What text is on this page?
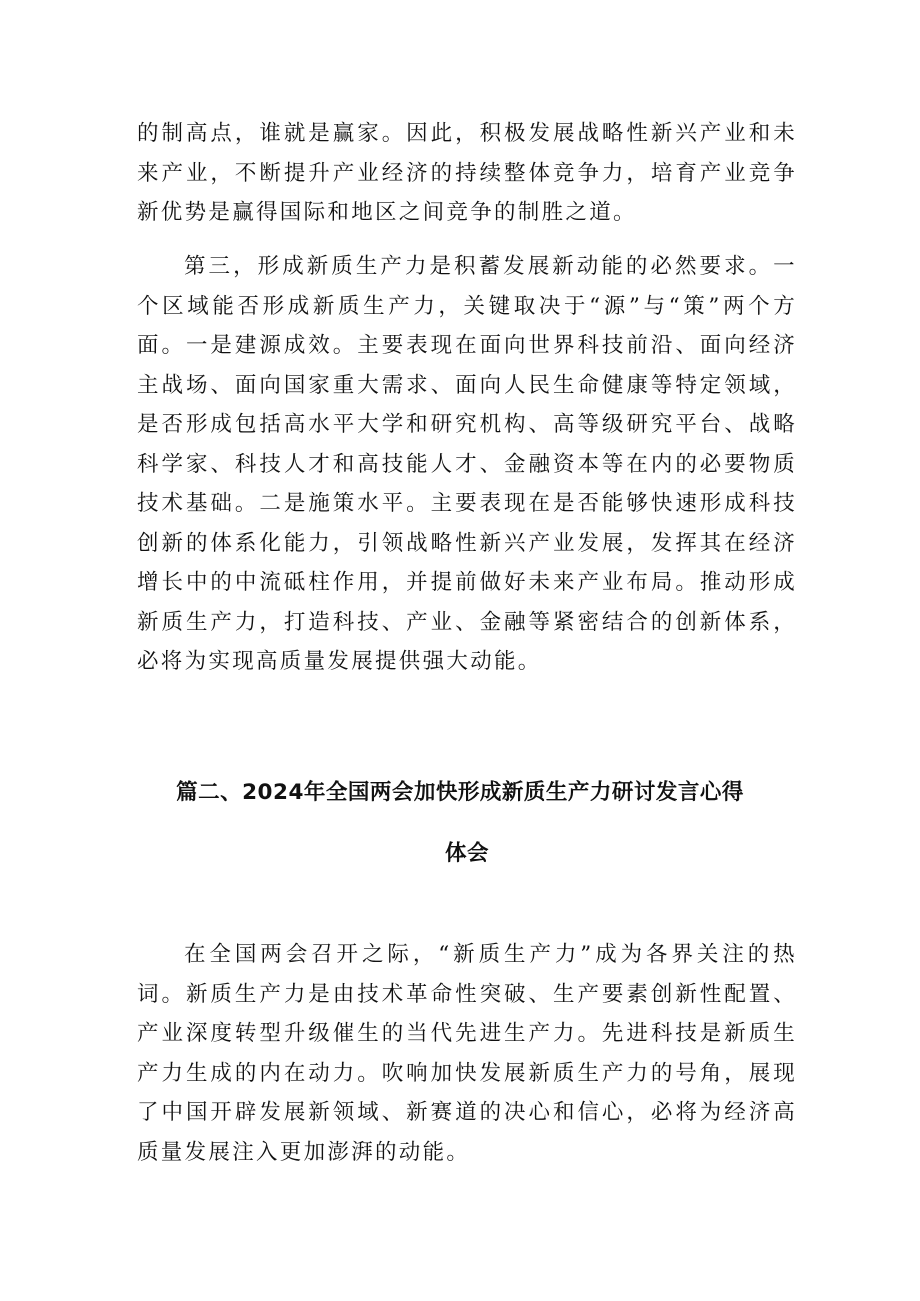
的制高点，谁就是赢家。因此，积极发展战略性新兴产业和未来产业，不断提升产业经济的持续整体竞争力，培育产业竞争新优势是赢得国际和地区之间竞争的制胜之道。

第三，形成新质生产力是积蓄发展新动能的必然要求。一个区域能否形成新质生产力，关键取决于“源”与“策”两个方面。一是建源成效。主要表现在面向世界科技前沿、面向经济主战场、面向国家重大需求、面向人民生命健康等特定领域，是否形成包括高水平大学和研究机构、高等级研究平台、战略科学家、科技人才和高技能人才、金融资本等在内的必要物质技术基础。二是施策水平。主要表现在是否能够快速形成科技创新的体系化能力，引领战略性新兴产业发展，发挥其在经济增长中的中流砥柱作用，并提前做好未来产业布局。推动形成新质生产力，打造科技、产业、金融等紧密结合的创新体系，必将为实现高质量发展提供强大动能。

篇二、2024年全国两会加快形成新质生产力研讨发言心得
体会

在全国两会召开之际，“新质生产力”成为各界关注的热词。新质生产力是由技术革命性突破、生产要素创新性配置、产业深度转型升级催生的当代先进生产力。先进科技是新质生产力生成的内在动力。吹响加快发展新质生产力的号角，展现了中国开辟发展新领域、新赛道的决心和信心，必将为经济高质量发展注入更加澎湃的动能。
